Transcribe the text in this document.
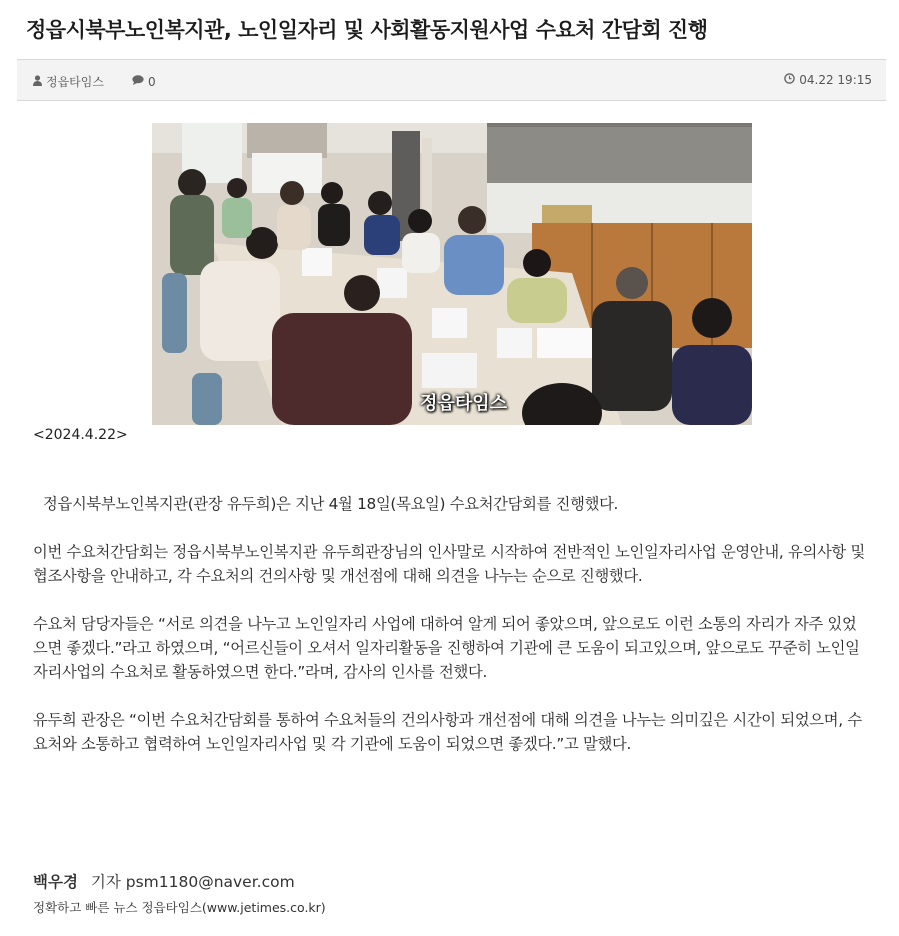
정읍시북부노인복지관, 노인일자리 및 사회활동지원사업 수요처 간담회 진행
정읍타임스	0	04.22 19:15
정읍타임스
<2024.4.22>

정읍시북부노인복지관(관장 유두희)은 지난 4월 18일(목요일) 수요처간담회를 진행했다.

이번 수요처간담회는 정읍시북부노인복지관 유두희관장님의 인사말로 시작하여 전반적인 노인일자리사업 운영안내, 유의사항 및 협조사항을 안내하고, 각 수요처의 건의사항 및 개선점에 대해 의견을 나누는 순으로 진행했다.

수요처 담당자들은 “서로 의견을 나누고 노인일자리 사업에 대하여 알게 되어 좋았으며, 앞으로도 이런 소통의 자리가 자주 있었으면 좋겠다.”라고 하였으며, “어르신들이 오셔서 일자리활동을 진행하여 기관에 큰 도움이 되고있으며, 앞으로도 꾸준히 노인일자리사업의 수요처로 활동하였으면 한다.”라며, 감사의 인사를 전했다.

유두희 관장은 “이번 수요처간담회를 통하여 수요처들의 건의사항과 개선점에 대해 의견을 나누는 의미깊은 시간이 되었으며, 수요처와 소통하고 협력하여 노인일자리사업 및 각 기관에 도움이 되었으면 좋겠다.”고 말했다.

백우경 기자 psm1180@naver.com
정확하고 빠른 뉴스 정읍타임스(www.jetimes.co.kr)
